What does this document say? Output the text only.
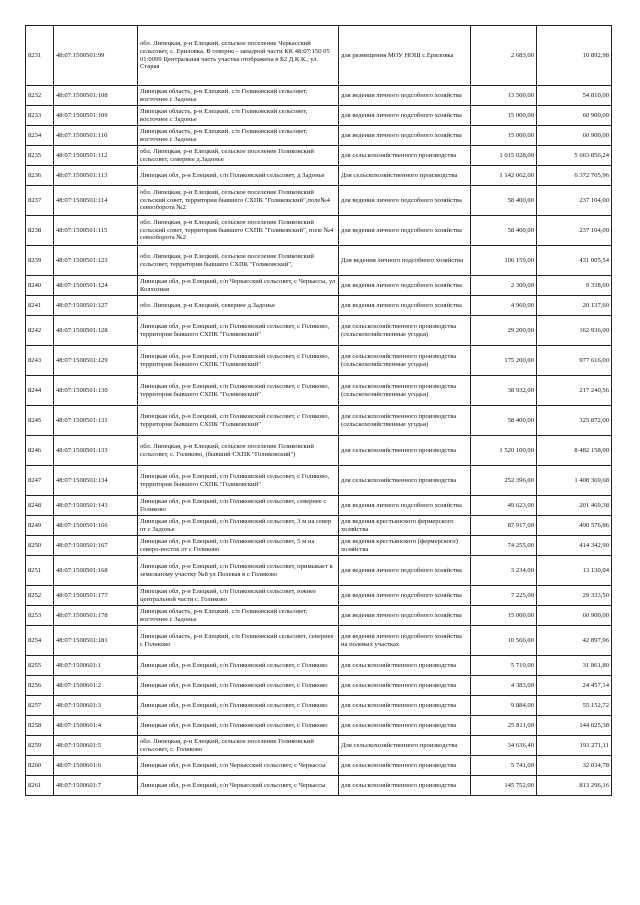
8231	48:07:1500501:99	обл. Липецкая, р-н Елецкий, сельское поселение Черкасский сельсовет, с. Ериловка. В северно - западной части КК 48:07:150 05 01:0099 Центральная часть участка отображена в Б2 Д.К.К., ул. Старая	для размещения МОУ НОШ с.Ериловка	2 683,00	10 892,98
8232	48:07:1500501:108	Липецкая область, р-н Елецкий, с/п Голиковский сельсовет, восточнее с Задонье	для ведения личного подсобного хозяйства	13 500,00	54 810,00
8233	48:07:1500501:109	Липецкая область, р-н Елецкий, с/п Голиковский сельсовет, восточнее с Задонье	для ведения личного подсобного хозяйства	15 000,00	60 900,00
8234	48:07:1500501:110	Липецкая область, р-н Елецкий, с/п Голиковский сельсовет, восточнее с Задонье	для ведения личного подсобного хозяйства	15 000,00	60 900,00
8235	48:07:1500501:112	обл. Липецкая, р-н Елецкий, сельское поселение Голиковский сельсовет, севернее д.Задонье	для сельскохозяйственного производства	1 015 028,00	5 663 856,24
8236	48:07:1500501:113	Липецкая обл, р-н Елецкий, с/п Голиковский сельсовет, д Задонье	Для сельскохозяйственного производства	1 142 062,00	6 372 705,96
8237	48:07:1500501:114	обл. Липецкая, р-н Елецкий, сельское поселение Голиковский сельский совет, территория бывшего СХПК "Голиковский",поле№4 севооборота №2	для ведения личного подсобного хозяйства	58 400,00	237 104,00
8238	48:07:1500501:115	обл. Липецкая, р-н Елецкий, сельское поселение Голиковский сельский совет, территория бывшего СХПК "Голиковский", поле №4 севооборота №2	для ведения личного подсобного хозяйства	58 400,00	237 104,00
8239	48:07:1500501:123	обл. Липецкая, р-н Елецкий, сельское поселение Голиковский сельсовет, территория бывшего СХПК "Голиковский",	Для ведения личного подсобного хозяйства	106 159,00	431 005,54
8240	48:07:1500501:124	Липецкая обл, р-н Елецкий, с/п Черкасский сельсовет, с Черкассы, ул Колхозная	для ведения личного подсобного хозяйства	2 300,00	9 338,00
8241	48:07:1500501:127	обл. Липецкая, р-н Елецкий, севернее д.Задонье	для ведения личного подсобного хозяйства	4 960,00	20 137,60
8242	48:07:1500501:128	Липецкая обл, р-н Елецкий, с/п Голиковский сельсовет, с Голиково, территория бывшего СХПК "Голиковский"	для сельскохозяйственного производства (сельскохозяйственные угодья)	29 200,00	162 936,00
8243	48:07:1500501:129	Липецкая обл, р-н Елецкий, с/п Голиковский сельсовет, с Голиково, территория бывшего СХПК "Голиковский"	для сельскохозяйственного производства (сельскохозяйственные угодья)	175 200,00	977 616,00
8244	48:07:1500501:130	Липецкая обл, р-н Елецкий, с/п Голиковский сельсовет, с Голиково, территория бывшего СХПК "Голиковский"	для сельскохозяйственного производства (сельскохозяйственные угодья)	38 932,00	217 240,56
8245	48:07:1500501:131	Липецкая обл, р-н Елецкий, с/п Голиковский сельсовет, с Голиково, территория бывшего СХПК "Голиковский"	для сельскохозяйственного производства (сельскохозяйственные угодья)	58 400,00	325 872,00
8246	48:07:1500501:133	обл. Липецкая, р-н Елецкий, сельское поселение Голиковский сельсовет, с. Голиково, (бывший СХПК "Голиковский")	для сельскохозяйственного производства	1 520 100,00	8 482 158,00
8247	48:07:1500501:134	Липецкая обл, р-н Елецкий, с/п Голиковский сельсовет, с Голиково, территория бывшего СХПК "Голиковский"	для сельскохозяйственного производства	252 396,00	1 408 369,68
8248	48:07:1500501:143	Липецкая обл, р-н Елецкий, с/п Голиковский сельсовет, севернее с Голиково	для ведения личного подсобного хозяйства	49 623,00	201 469,38
8249	48:07:1500501:166	Липецкая обл, р-н Елецкий, с/п Голиковский сельсовет, 3 м на север от с Задонье	для ведения крестьянского фермерского хозяйства	87 917,00	490 576,86
8250	48:07:1500501:167	Липецкая обл, р-н Елецкий, с/п Голиковский сельсовет, 5 м на северо-восток от с Голиково	для ведения крестьянского (фермерского) хозяйства	74 255,00	414 342,90
8251	48:07:1500501:168	Липецкая обл, р-н Елецкий, с/п Голиковский сельсовет, примыкает к земельному участку №8 ул Полевая в с Голиково	для ведения личного подсобного хозяйства	3 234,00	13 130,04
8252	48:07:1500501:177	Липецкая обл, р-н Елецкий, с/п Голиковский сельсовет, южнее центральной части с. Голиково	для ведения личного подсобного хозяйства	7 225,00	29 333,50
8253	48:07:1500501:178	Липецкая область, р-н Елецкий, с/п Голиковский сельсовет, восточнее с Задонье	для ведения личного подсобного хозяйства	15 000,00	60 900,00
8254	48:07:1500501:181	Липецкая область, р-н Елецкий, с/п Голиковский сельсовет, севернее с Голиково	для ведения личного подсобного хозяйства на полевых участках	10 566,00	42 897,96
8255	48:07:1500601:1	Липецкая обл, р-н Елецкий, с/п Голиковский сельсовет, с Голиково	для сельскохозяйственного производства	5 710,00	31 861,80
8256	48:07:1500601:2	Липецкая обл, р-н Елецкий, с/п Голиковский сельсовет, с Голиково	для сельскохозяйственного производства	4 383,00	24 457,14
8257	48:07:1500601:3	Липецкая обл, р-н Елецкий, с/п Голиковский сельсовет, с Голиково	для сельскохозяйственного производства	9 884,00	55 152,72
8258	48:07:1500601:4	Липецкая обл, р-н Елецкий, с/п Голиковский сельсовет, с Голиково	для сельскохозяйственного производства	25 811,00	144 025,38
8259	48:07:1500601:5	обл. Липецкая, р-н Елецкий, сельское поселение Голиковский сельсовет, с. Голиково	Для сельскохозяйственного производства	34 636,40	193 271,11
8260	48:07:1500601:6	Липецкая обл, р-н Елецкий, с/п Черкасский сельсовет, с Черкассы	для сельскохозяйственного производства	5 741,00	32 034,78
8261	48:07:1500601:7	Липецкая обл, р-н Елецкий, с/п Черкасский сельсовет, с Черкассы	для сельскохозяйственного производства	145 752,00	813 296,16
